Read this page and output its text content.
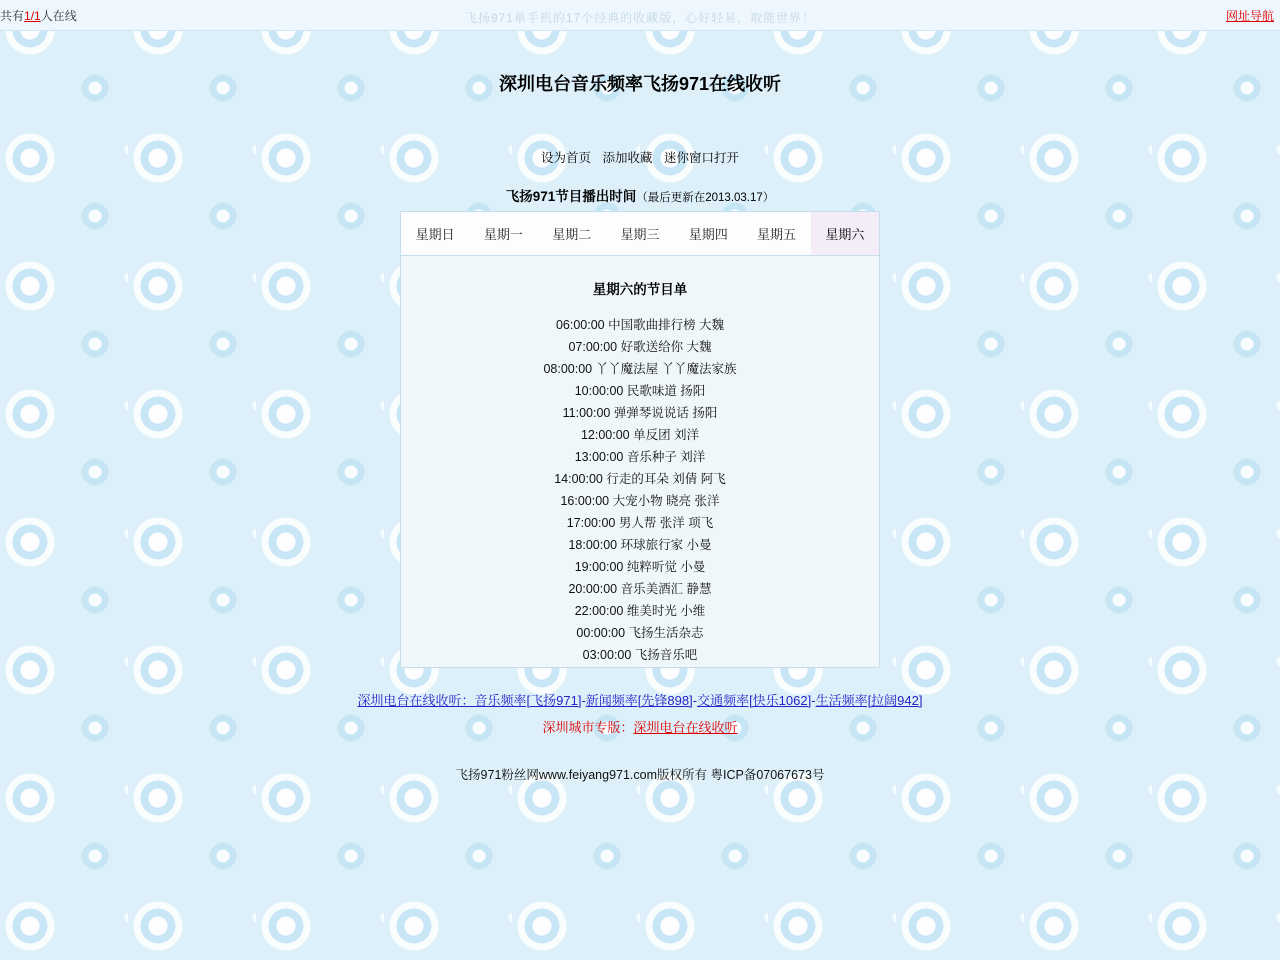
共有1/1人在线	飞扬971单手机的17个经典的收藏版，心好轻易，取能世界！	网址导航
深圳电台音乐频率飞扬971在线收听
设为首页 添加收藏 迷你窗口打开
飞扬971节目播出时间（最后更新在2013.03.17）
星期日	星期一	星期二	星期三	星期四	星期五	星期六
星期六的节目单
06:00:00 中国歌曲排行榜 大魏
07:00:00 好歌送给你 大魏
08:00:00 丫丫魔法屋 丫丫魔法家族
10:00:00 民歌味道 扬阳
11:00:00 弹弹琴说说话 扬阳
12:00:00 单反团 刘洋
13:00:00 音乐种子 刘洋
14:00:00 行走的耳朵 刘倩 阿飞
16:00:00 大宠小物 晓亮 张洋
17:00:00 男人帮 张洋 项飞
18:00:00 环球旅行家 小曼
19:00:00 纯粹听觉 小曼
20:00:00 音乐美酒汇 静慧
22:00:00 维美时光 小维
00:00:00 飞扬生活杂志
03:00:00 飞扬音乐吧
深圳电台在线收听：音乐频率[飞扬971]-新闻频率[先锋898]-交通频率[快乐1062]-生活频率[拉阔942]
深圳城市专版：深圳电台在线收听
飞扬971粉丝网www.feiyang971.com版权所有 粤ICP备07067673号
